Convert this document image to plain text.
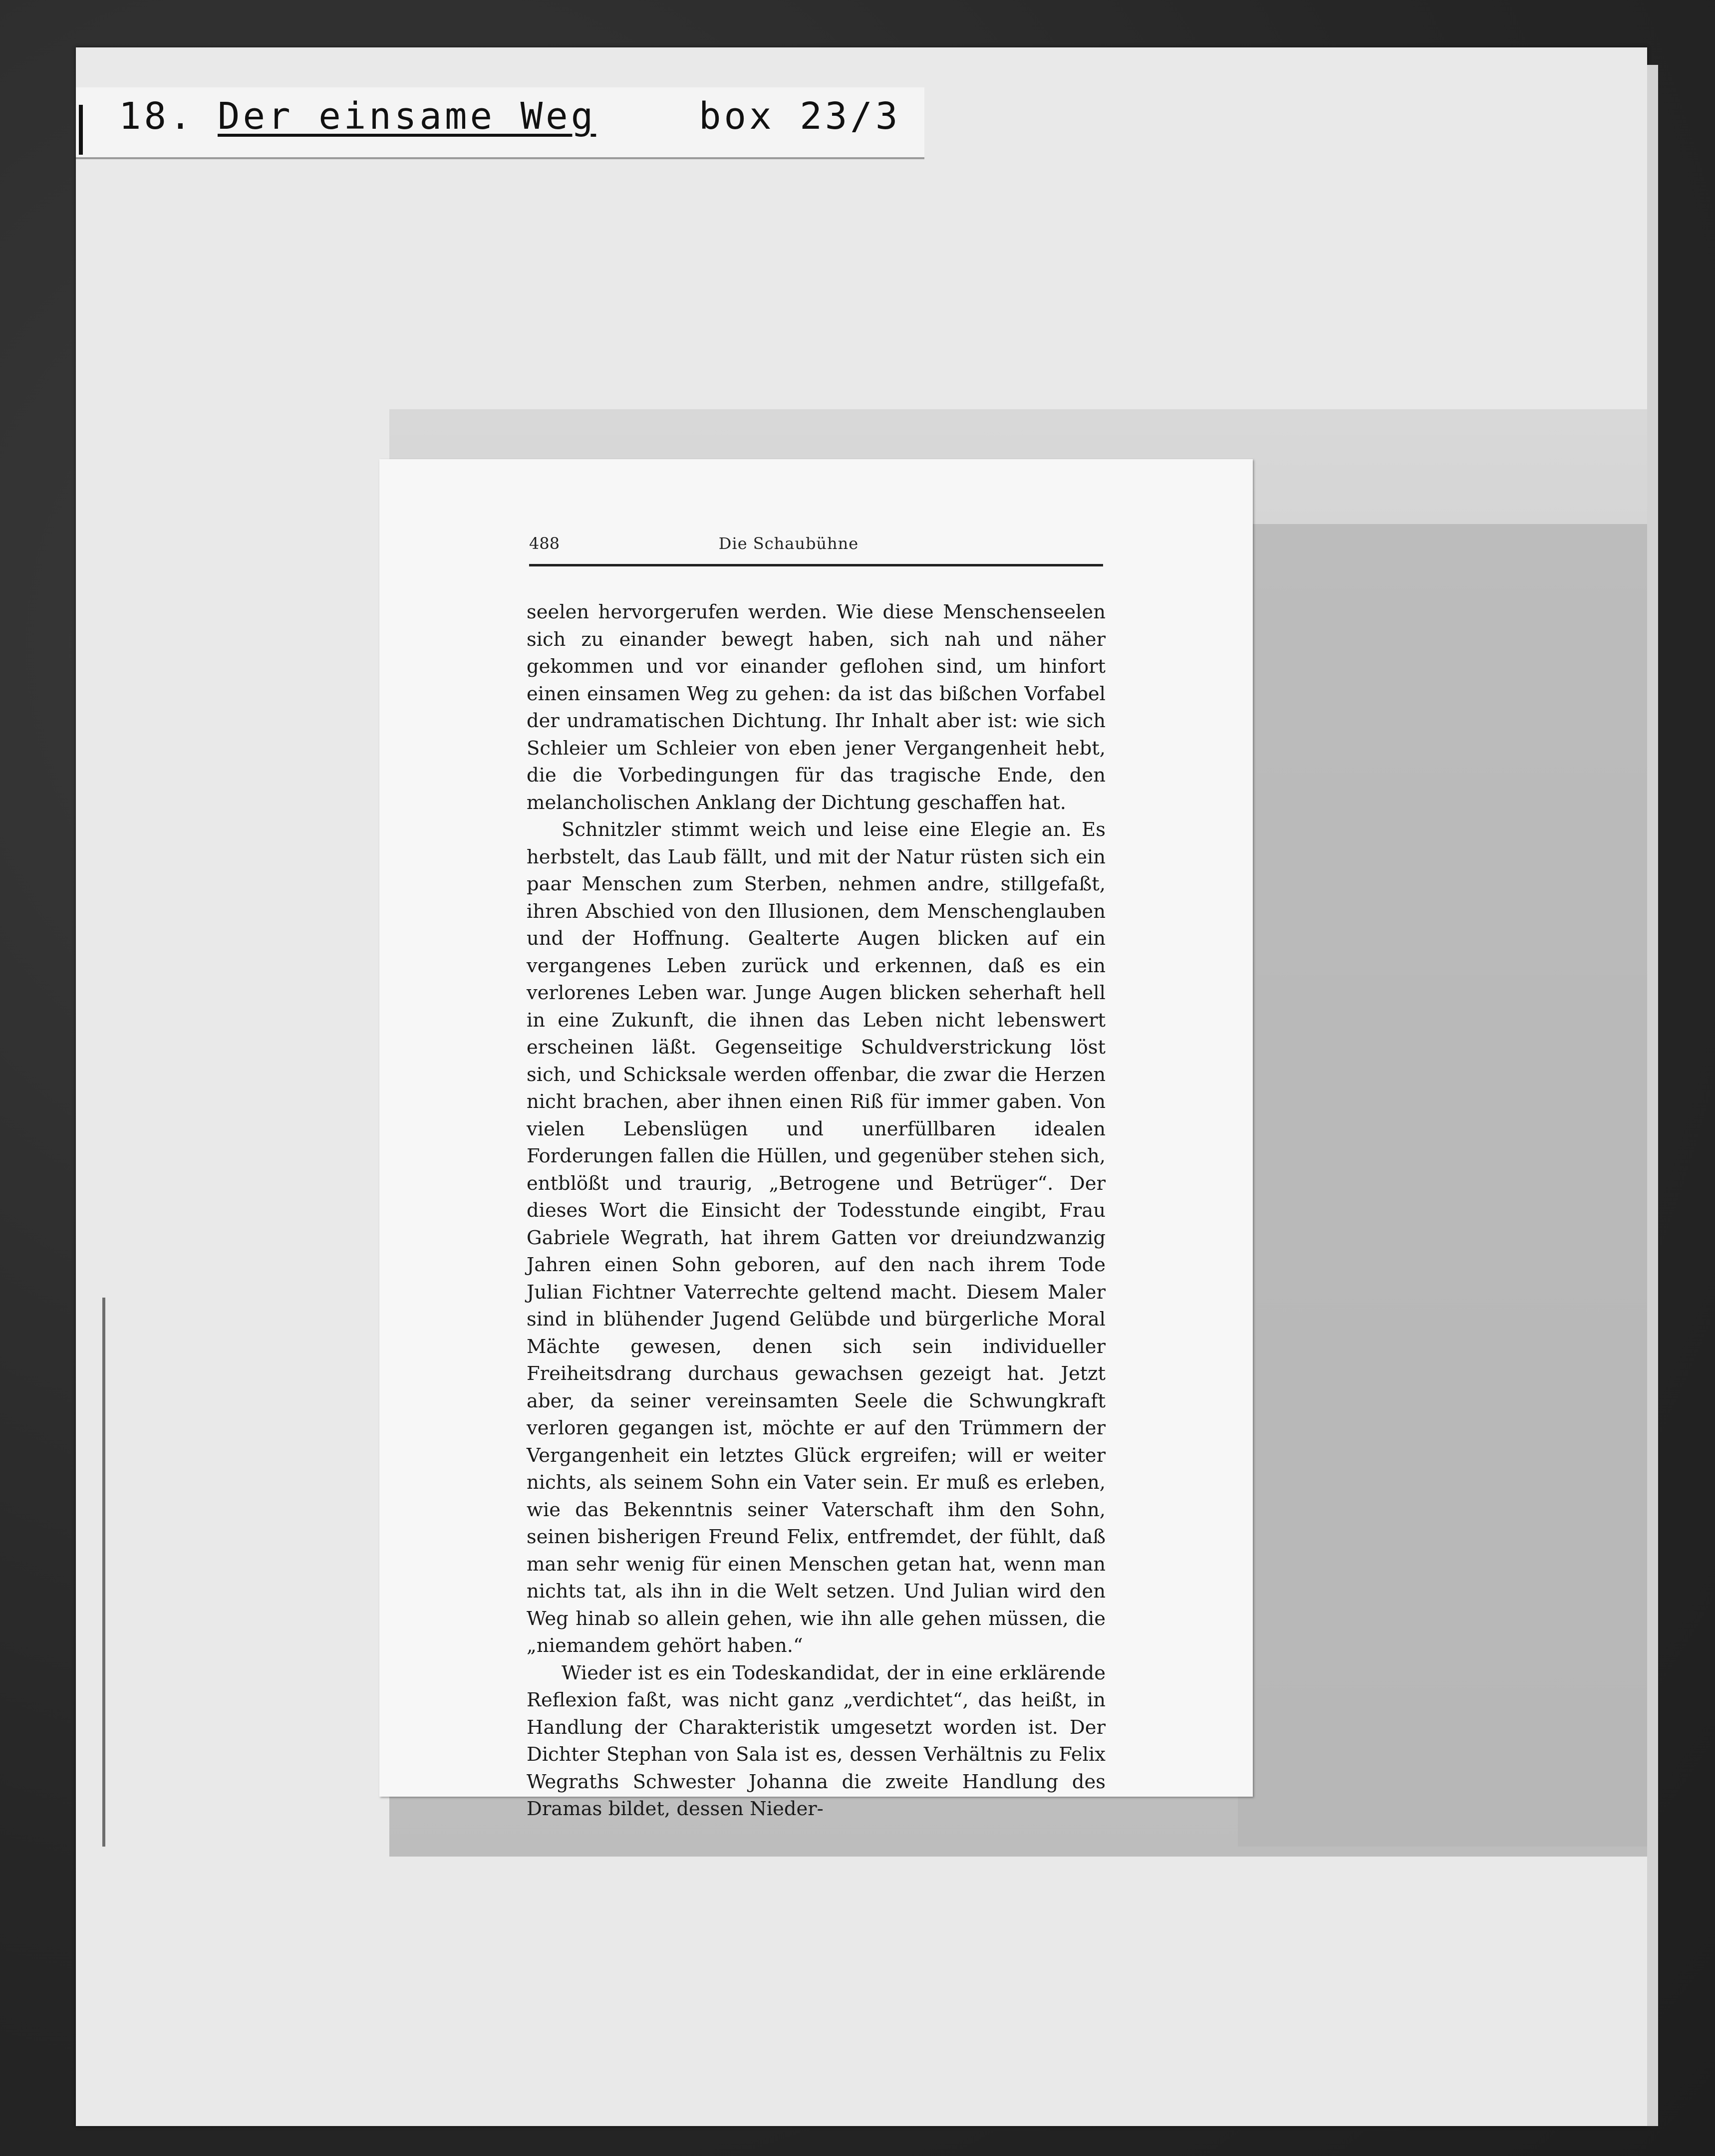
18. Der einsame Weg	box 23/3
488	Die Schaubühne

seelen hervorgerufen werden. Wie diese Menschenseelen sich zu einander bewegt haben, sich nah und näher gekommen und vor einander geflohen sind, um hinfort einen einsamen Weg zu gehen: da ist das bißchen Vorfabel der undramatischen Dichtung. Ihr Inhalt aber ist: wie sich Schleier um Schleier von eben jener Vergangenheit hebt, die die Vorbedingungen für das tragische Ende, den melancholischen Anklang der Dichtung geschaffen hat.

Schnitzler stimmt weich und leise eine Elegie an. Es herbstelt, das Laub fällt, und mit der Natur rüsten sich ein paar Menschen zum Sterben, nehmen andre, stillgefaßt, ihren Abschied von den Illusionen, dem Menschenglauben und der Hoffnung. Gealterte Augen blicken auf ein vergangenes Leben zurück und erkennen, daß es ein verlorenes Leben war. Junge Augen blicken seherhaft hell in eine Zukunft, die ihnen das Leben nicht lebenswert erscheinen läßt. Gegenseitige Schuldverstrickung löst sich, und Schicksale werden offenbar, die zwar die Herzen nicht brachen, aber ihnen einen Riß für immer gaben. Von vielen Lebenslügen und unerfüllbaren idealen Forderungen fallen die Hüllen, und gegenüber stehen sich, entblößt und traurig, „Betrogene und Betrüger“. Der dieses Wort die Einsicht der Todesstunde eingibt, Frau Gabriele Wegrath, hat ihrem Gatten vor dreiundzwanzig Jahren einen Sohn geboren, auf den nach ihrem Tode Julian Fichtner Vaterrechte geltend macht. Diesem Maler sind in blühender Jugend Gelübde und bürgerliche Moral Mächte gewesen, denen sich sein individueller Freiheitsdrang durchaus gewachsen gezeigt hat. Jetzt aber, da seiner vereinsamten Seele die Schwungkraft verloren gegangen ist, möchte er auf den Trümmern der Vergangenheit ein letztes Glück ergreifen; will er weiter nichts, als seinem Sohn ein Vater sein. Er muß es erleben, wie das Bekenntnis seiner Vaterschaft ihm den Sohn, seinen bisherigen Freund Felix, entfremdet, der fühlt, daß man sehr wenig für einen Menschen getan hat, wenn man nichts tat, als ihn in die Welt setzen. Und Julian wird den Weg hinab so allein gehen, wie ihn alle gehen müssen, die „niemandem gehört haben.“

Wieder ist es ein Todeskandidat, der in eine erklärende Reflexion faßt, was nicht ganz „verdichtet“, das heißt, in Handlung der Charakteristik umgesetzt worden ist. Der Dichter Stephan von Sala ist es, dessen Verhältnis zu Felix Wegraths Schwester Johanna die zweite Handlung des Dramas bildet, dessen Nieder-
